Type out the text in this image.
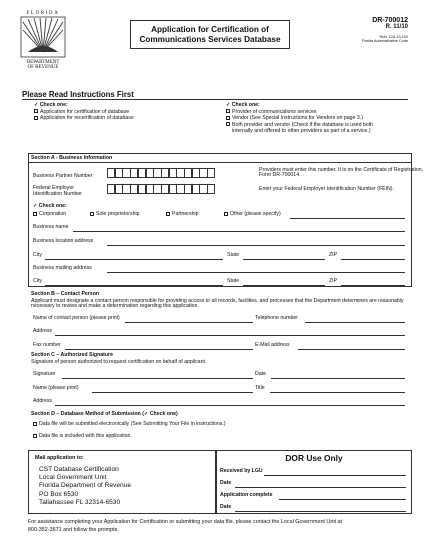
FLORIDA
DEPARTMENT
OF REVENUE
Application for Certification of
Communications Services Database
DR-700012
R. 11/10
Rule 12A-19.100
Florida Administrative Code
Please Read Instructions First
✓ Check one:
Application for certification of database
Application for recertification of database
✓ Check one:
Provider of communications services
Vendor (See Special Instructions for Vendors on page 3.)
Both provider and vendor (Check if the database is used both
internally and offered to other providers as part of a service.)
Section A - Business Information
Business Partner Number
Providers must enter this number. It is on the Certificate of Registration,
Form DR-700014.
Federal Employer
Identification Number
Enter your Federal Employer Identification Number (FEIN).
✓ Check one:
Corporation	Sole proprietorship	Partnership	Other (please specify)
Business name
Business location address
City	State	ZIP
Business mailing address
City	State	ZIP
Section B – Contact Person
Applicant must designate a contact person responsible for providing access to all records, facilities, and processes that the Department determines are reasonably
necessary to review and make a determination regarding this application.
Name of contact person (please print)	Telephone number
Address
Fax number	E-Mail address
Section C – Authorized Signature
Signature of person authorized to request certification on behalf of applicant.
Signature	Date
Name (please print)	Title
Address
Section D – Database Method of Submission (✓ Check one)
Data file will be submitted electronically (See Submitting Your File in instructions.)
Data file is included with this application.
Mail application to:
CST Database Certification
Local Government Unit
Florida Department of Revenue
PO Box 6530
Tallahassee FL 32314-6530
DOR Use Only
Received by LGU
Date
Application complete
Date
For assistance completing your Application for Certification or submitting your data file, please contact the Local Government Unit at
800-352-3671 and follow the prompts.
